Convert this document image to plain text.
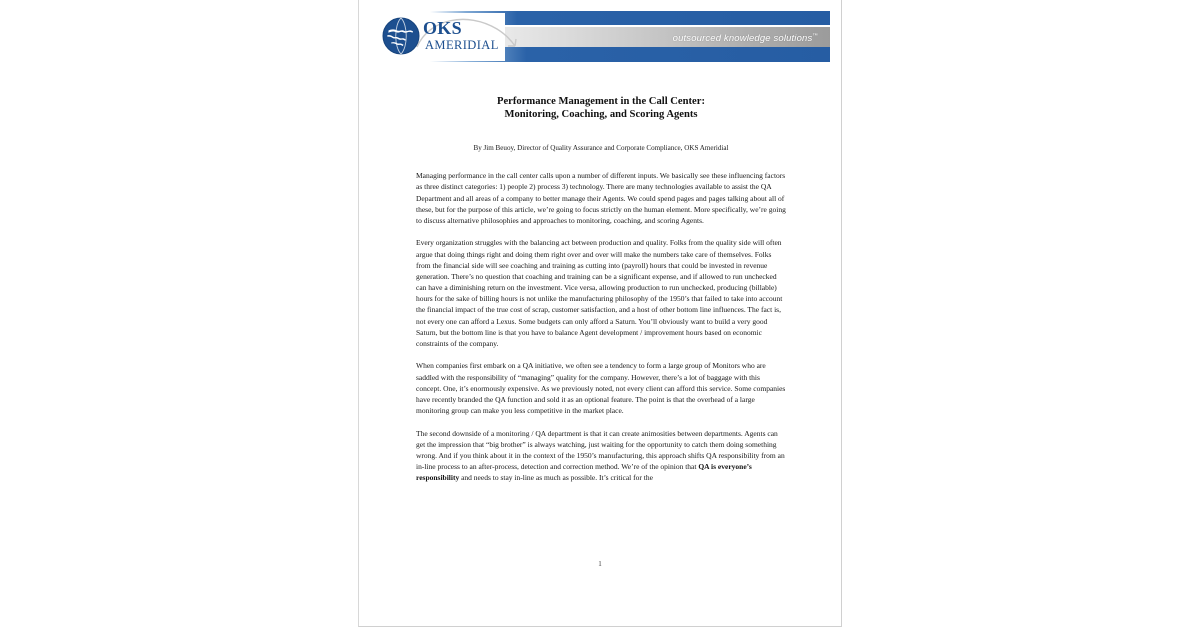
outsourced knowledge solutions™
OKS
AMERIDIAL
Performance Management in the Call Center:
Monitoring, Coaching, and Scoring Agents

By Jim Beuoy, Director of Quality Assurance and Corporate Compliance, OKS Ameridial

Managing performance in the call center calls upon a number of different inputs. We basically see these influencing factors as three distinct categories: 1) people 2) process 3) technology. There are many technologies available to assist the QA Department and all areas of a company to better manage their Agents. We could spend pages and pages talking about all of these, but for the purpose of this article, we’re going to focus strictly on the human element. More specifically, we’re going to discuss alternative philosophies and approaches to monitoring, coaching, and scoring Agents.

Every organization struggles with the balancing act between production and quality. Folks from the quality side will often argue that doing things right and doing them right over and over will make the numbers take care of themselves. Folks from the financial side will see coaching and training as cutting into (payroll) hours that could be invested in revenue generation. There’s no question that coaching and training can be a significant expense, and if allowed to run unchecked can have a diminishing return on the investment. Vice versa, allowing production to run unchecked, producing (billable) hours for the sake of billing hours is not unlike the manufacturing philosophy of the 1950’s that failed to take into account the financial impact of the true cost of scrap, customer satisfaction, and a host of other bottom line influences. The fact is, not every one can afford a Lexus. Some budgets can only afford a Saturn. You’ll obviously want to build a very good Saturn, but the bottom line is that you have to balance Agent development / improvement hours based on economic constraints of the company.

When companies first embark on a QA initiative, we often see a tendency to form a large group of Monitors who are saddled with the responsibility of “managing” quality for the company. However, there’s a lot of baggage with this concept. One, it’s enormously expensive. As we previously noted, not every client can afford this service. Some companies have recently branded the QA function and sold it as an optional feature. The point is that the overhead of a large monitoring group can make you less competitive in the market place.

The second downside of a monitoring / QA department is that it can create animosities between departments. Agents can get the impression that “big brother” is always watching, just waiting for the opportunity to catch them doing something wrong. And if you think about it in the context of the 1950’s manufacturing, this approach shifts QA responsibility from an in-line process to an after-process, detection and correction method. We’re of the opinion that QA is everyone’s responsibility and needs to stay in-line as much as possible. It’s critical for the

1
